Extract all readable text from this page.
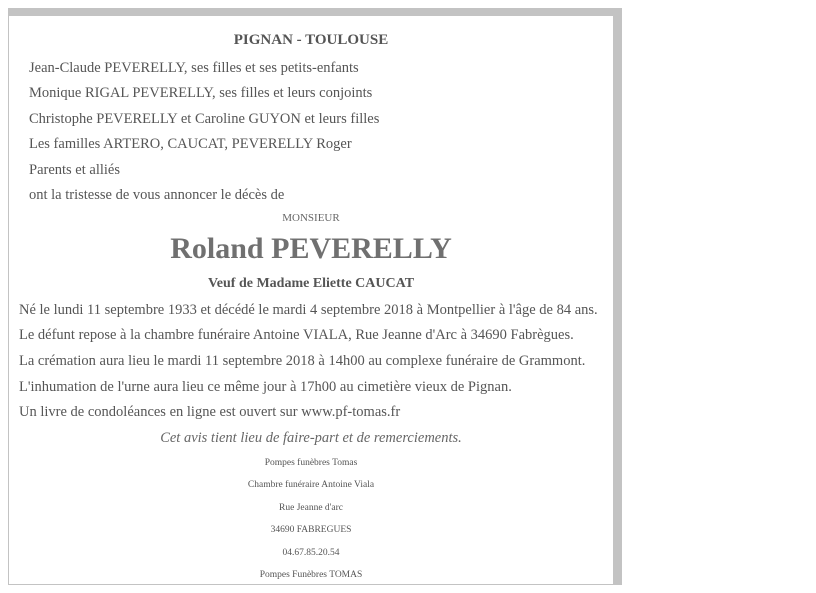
PIGNAN - TOULOUSE
Jean-Claude PEVERELLY, ses filles et ses petits-enfants
Monique RIGAL PEVERELLY, ses filles et leurs conjoints
Christophe PEVERELLY et Caroline GUYON et leurs filles
Les familles ARTERO, CAUCAT, PEVERELLY Roger
Parents et alliés
ont la tristesse de vous annoncer le décès de
MONSIEUR
Roland PEVERELLY
Veuf de Madame Eliette CAUCAT
Né le lundi 11 septembre 1933 et décédé le mardi 4 septembre 2018 à Montpellier à l'âge de 84 ans.
Le défunt repose à la chambre funéraire Antoine VIALA, Rue Jeanne d'Arc à 34690 Fabrègues.
La crémation aura lieu le mardi 11 septembre 2018 à 14h00 au complexe funéraire de Grammont.
L'inhumation de l'urne aura lieu ce même jour à 17h00 au cimetière vieux de Pignan.
Un livre de condoléances en ligne est ouvert sur www.pf-tomas.fr
Cet avis tient lieu de faire-part et de remerciements.
Pompes funèbres Tomas
Chambre funéraire Antoine Viala
Rue Jeanne d'arc
34690 FABREGUES
04.67.85.20.54
Pompes Funèbres TOMAS
